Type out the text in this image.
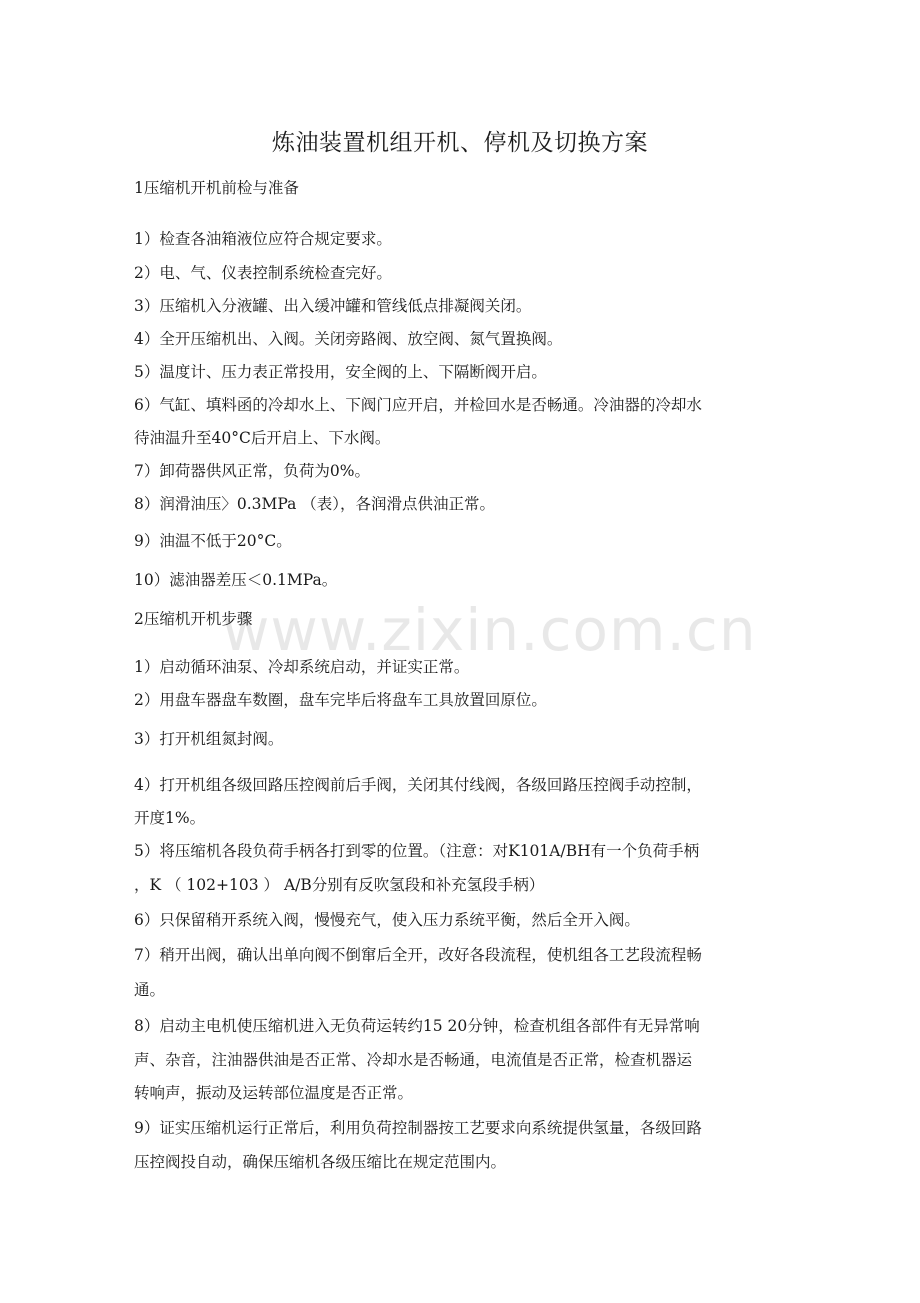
炼油装置机组开机、停机及切换方案
1压缩机开机前检与准备
1）检查各油箱液位应符合规定要求。
2）电、气、仪表控制系统检查完好。
3）压缩机入分液罐、出入缓冲罐和管线低点排凝阀关闭。
4）全开压缩机出、入阀。关闭旁路阀、放空阀、氮气置换阀。
5）温度计、压力表正常投用，安全阀的上、下隔断阀开启。
6）气缸、填料函的冷却水上、下阀门应开启，并检回水是否畅通。冷油器的冷却水
待油温升至40°C后开启上、下水阀。
7）卸荷器供风正常，负荷为0%。
8）润滑油压〉0.3MPa （表），各润滑点供油正常。
9）油温不低于20°C。
10）滤油器差压＜0.1MPa。
2压缩机开机步骤
1）启动循环油泵、冷却系统启动，并证实正常。
2）用盘车器盘车数圈，盘车完毕后将盘车工具放置回原位。
3）打开机组氮封阀。
4）打开机组各级回路压控阀前后手阀，关闭其付线阀，各级回路压控阀手动控制，
开度1%。
5）将压缩机各段负荷手柄各打到零的位置。（注意：对K101A/BH有一个负荷手柄
，K （ 102+103 ） A/B分别有反吹氢段和补充氢段手柄）
6）只保留稍开系统入阀，慢慢充气，使入压力系统平衡，然后全开入阀。
7）稍开出阀，确认出单向阀不倒窜后全开，改好各段流程，使机组各工艺段流程畅
通。
8）启动主电机使压缩机进入无负荷运转约15 20分钟，检查机组各部件有无异常响
声、杂音，注油器供油是否正常、冷却水是否畅通，电流值是否正常，检查机器运
转响声，振动及运转部位温度是否正常。
9）证实压缩机运行正常后，利用负荷控制器按工艺要求向系统提供氢量，各级回路
压控阀投自动，确保压缩机各级压缩比在规定范围内。
www.zixin.com.cn
